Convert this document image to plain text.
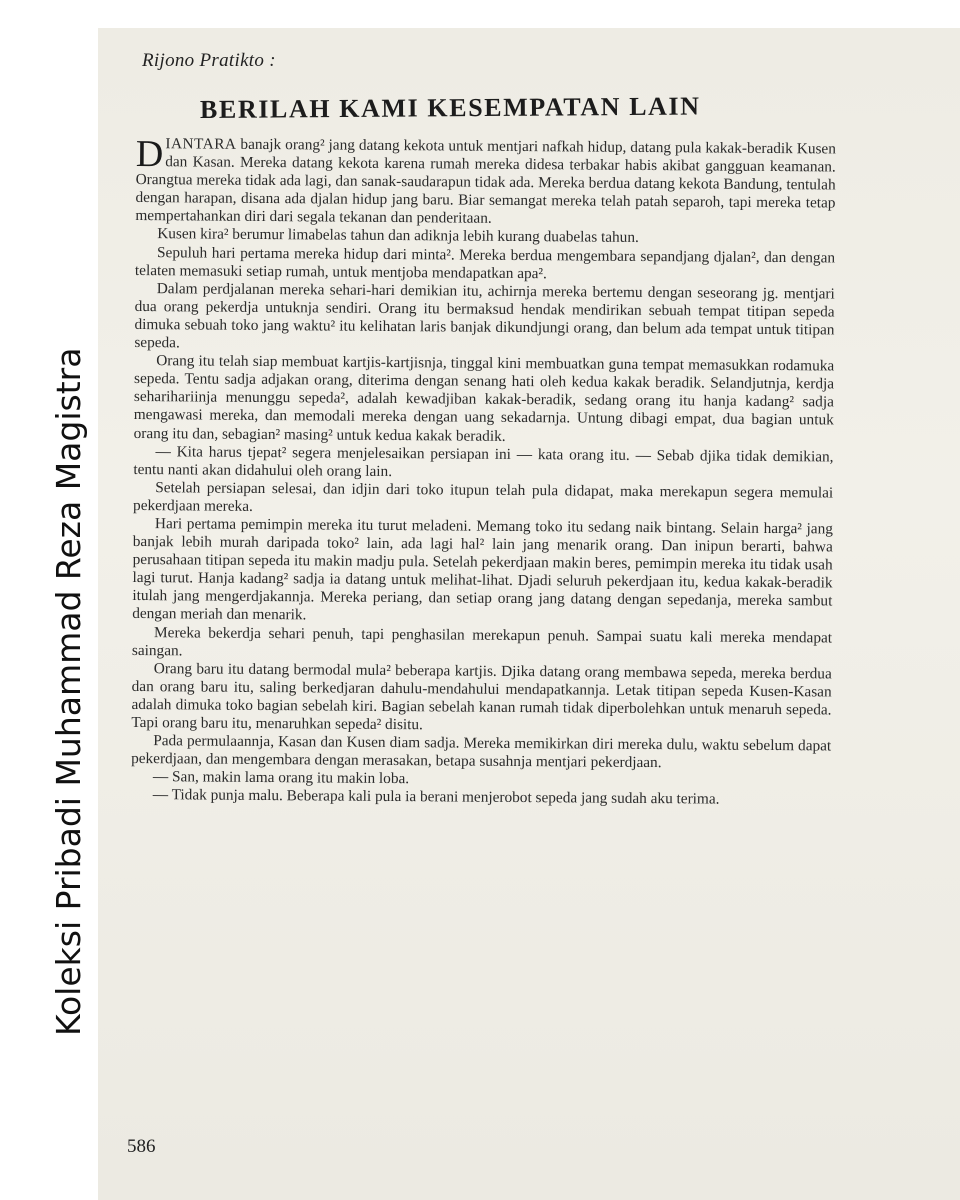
Koleksi Pribadi Muhammad Reza Magistra
Rijono Pratikto :
BERILAH KAMI KESEMPATAN LAIN

DIANTARA banajk orang² jang datang kekota untuk mentjari nafkah hidup, datang pula kakak-beradik Kusen dan Kasan. Mereka datang kekota karena rumah mereka didesa terbakar habis akibat gangguan keamanan. Orangtua mereka tidak ada lagi, dan sanak-saudarapun tidak ada. Mereka berdua datang kekota Bandung, tentulah dengan harapan, disana ada djalan hidup jang baru. Biar semangat mereka telah patah separoh, tapi mereka tetap mempertahankan diri dari segala tekanan dan penderitaan.

Kusen kira² berumur limabelas tahun dan adiknja lebih kurang duabelas tahun.

Sepuluh hari pertama mereka hidup dari minta². Mereka berdua mengembara sepandjang djalan², dan dengan telaten memasuki setiap rumah, untuk mentjoba mendapatkan apa².

Dalam perdjalanan mereka sehari-hari demikian itu, achirnja mereka bertemu dengan seseorang jg. mentjari dua orang pekerdja untuknja sendiri. Orang itu bermaksud hendak mendirikan sebuah tempat titipan sepeda dimuka sebuah toko jang waktu² itu kelihatan laris banjak dikundjungi orang, dan belum ada tempat untuk titipan sepeda.

Orang itu telah siap membuat kartjis-kartjisnja, tinggal kini membuatkan guna tempat memasukkan rodamuka sepeda. Tentu sadja adjakan orang, diterima dengan senang hati oleh kedua kakak beradik. Selandjutnja, kerdja seharihariinja menunggu sepeda², adalah kewadjiban kakak-beradik, sedang orang itu hanja kadang² sadja mengawasi mereka, dan memodali mereka dengan uang sekadarnja. Untung dibagi empat, dua bagian untuk orang itu dan, sebagian² masing² untuk kedua kakak beradik.

— Kita harus tjepat² segera menjelesaikan persiapan ini — kata orang itu. — Sebab djika tidak demikian, tentu nanti akan didahului oleh orang lain.

Setelah persiapan selesai, dan idjin dari toko itupun telah pula didapat, maka merekapun segera memulai pekerdjaan mereka.

Hari pertama pemimpin mereka itu turut meladeni. Memang toko itu sedang naik bintang. Selain harga² jang banjak lebih murah daripada toko² lain, ada lagi hal² lain jang menarik orang. Dan inipun berarti, bahwa perusahaan titipan sepeda itu makin madju pula. Setelah pekerdjaan makin beres, pemimpin mereka itu tidak usah lagi turut. Hanja kadang² sadja ia datang untuk melihat-lihat. Djadi seluruh pekerdjaan itu, kedua kakak-beradik itulah jang mengerdjakannja. Mereka periang, dan setiap orang jang datang dengan sepedanja, mereka sambut dengan meriah dan menarik.

Mereka bekerdja sehari penuh, tapi penghasilan merekapun penuh. Sampai suatu kali mereka mendapat saingan.

Orang baru itu datang bermodal mula² beberapa kartjis. Djika datang orang membawa sepeda, mereka berdua dan orang baru itu, saling berkedjaran dahulu-mendahului mendapatkannja. Letak titipan sepeda Kusen-Kasan adalah dimuka toko bagian sebelah kiri. Bagian sebelah kanan rumah tidak diperbolehkan untuk menaruh sepeda. Tapi orang baru itu, menaruhkan sepeda² disitu.

Pada permulaannja, Kasan dan Kusen diam sadja. Mereka memikirkan diri mereka dulu, waktu sebelum dapat pekerdjaan, dan mengembara dengan merasakan, betapa susahnja mentjari pekerdjaan.

— San, makin lama orang itu makin loba.

— Tidak punja malu. Beberapa kali pula ia berani menjerobot sepeda jang sudah aku terima.

586
